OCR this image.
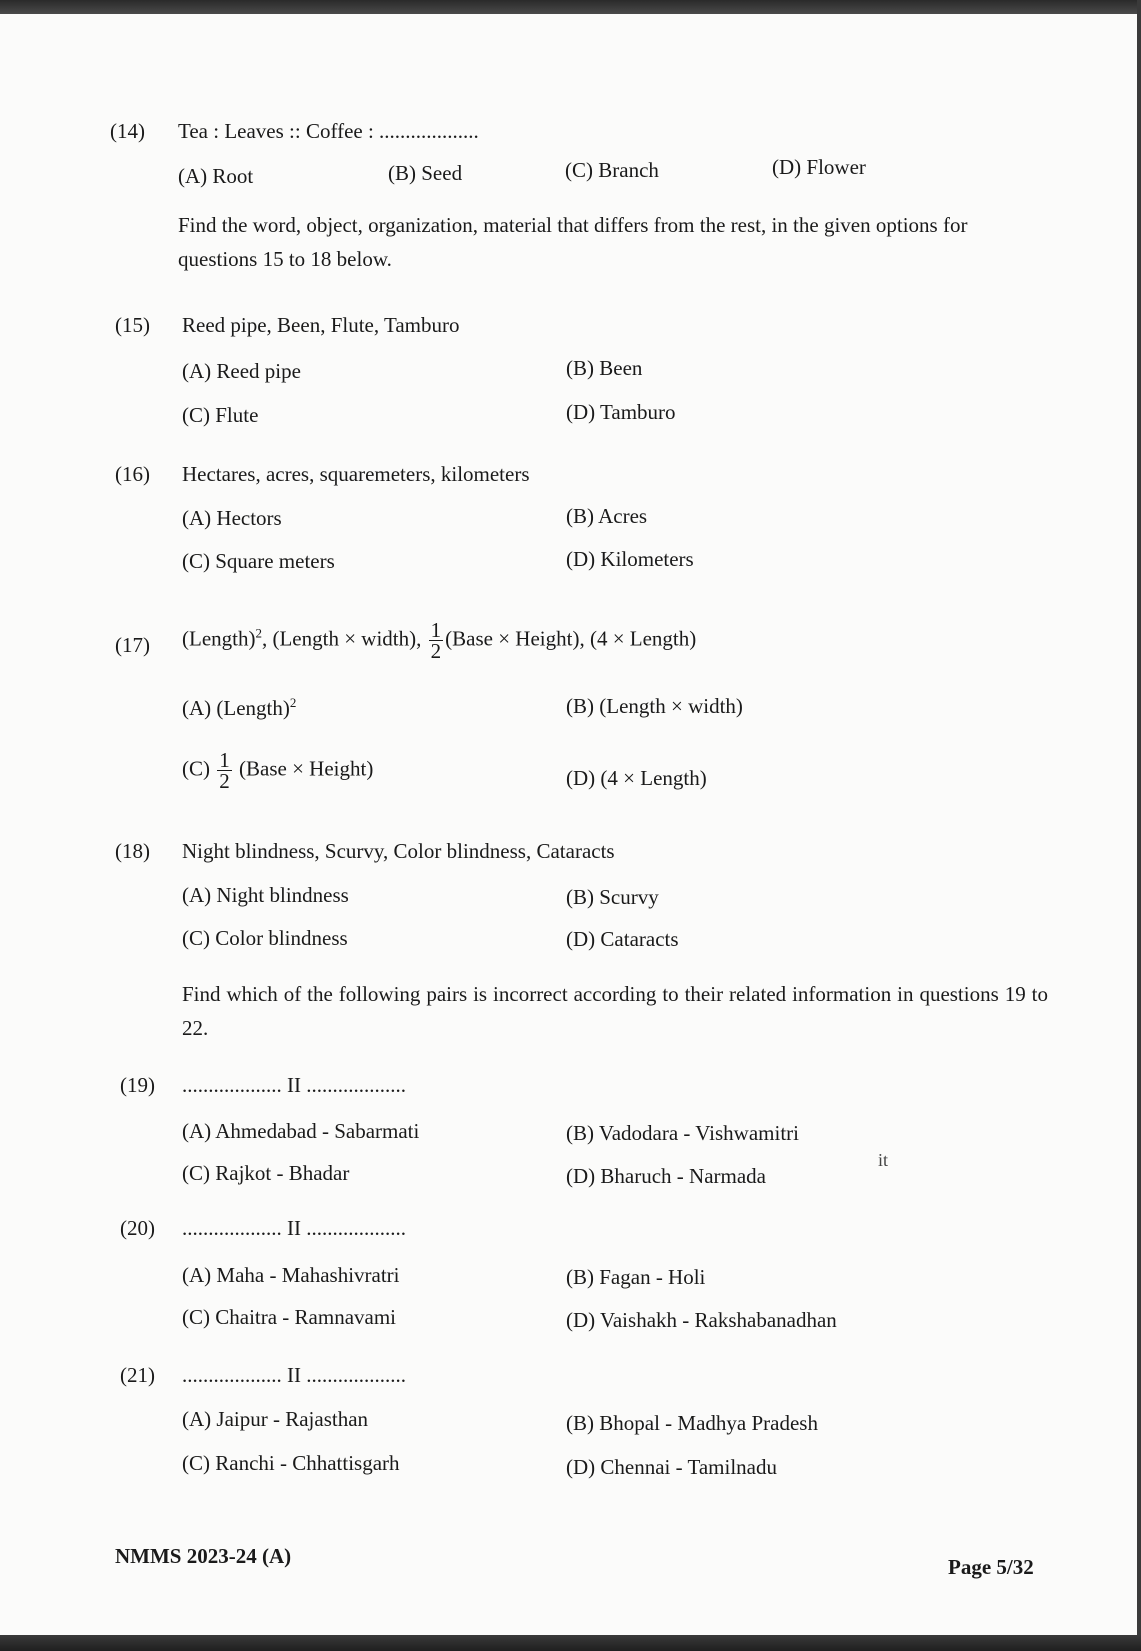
(14) Tea : Leaves :: Coffee : ...................
(A) Root	(B) Seed	(C) Branch	(D) Flower
Find the word, object, organization, material that differs from the rest, in the given options for questions 15 to 18 below.
(15) Reed pipe, Been, Flute, Tamburo
(A) Reed pipe	(B) Been
(C) Flute	(D) Tamburo
(16) Hectares, acres, squaremeters, kilometers
(A) Hectors	(B) Acres
(C) Square meters	(D) Kilometers
(17) (Length)$^2$, (Length × width), $\frac{1}{2}$ (Base × Height), (4 × Length)
(A) (Length)$^2$	(B) (Length × width)
$(C) \frac{1}{2}$ (Base × Height)	(D) (4 × Length)
(18) Night blindness, Scurvy, Color blindness, Cataracts
(A) Night blindness	(B) Scurvy
(C) Color blindness	(D) Cataracts
Find which of the following pairs is incorrect according to their related information in questions 19 to 22.
(19) ................... II ...................
(A) Ahmedabad - Sabarmati	(B) Vadodara - Vishwamitri
(C) Rajkot - Bhadar	(D) Bharuch - Narmada
it
(20) ................... II ...................
(A) Maha - Mahashivratri	(B) Fagan - Holi
(C) Chaitra - Ramnavami	(D) Vaishakh - Rakshabanadhan
(21) ................... II ...................
(A) Jaipur - Rajasthan	(B) Bhopal - Madhya Pradesh
(C) Ranchi - Chhattisgarh	(D) Chennai - Tamilnadu
NMMS 2023-24 (A)	Page 5/32
